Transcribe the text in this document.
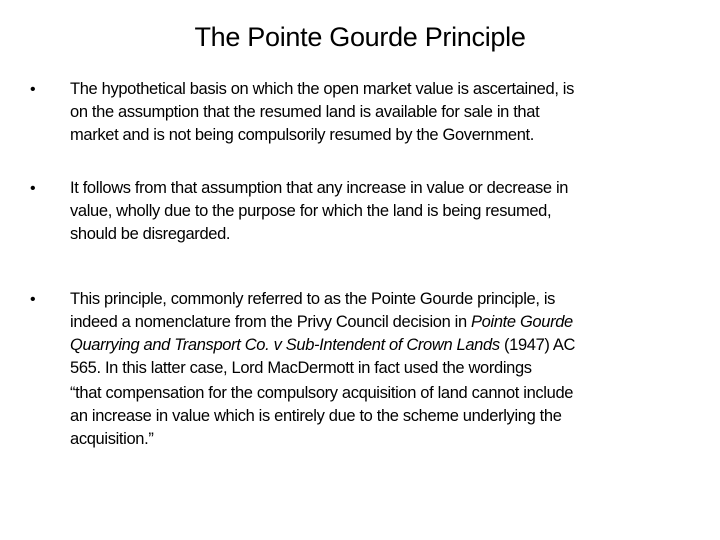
The Pointe Gourde Principle
• The hypothetical basis on which the open market value is ascertained, is
on the assumption that the resumed land is available for sale in that
market and is not being compulsorily resumed by the Government.
• It follows from that assumption that any increase in value or decrease in
value, wholly due to the purpose for which the land is being resumed,
should be disregarded.
• This principle, commonly referred to as the Pointe Gourde principle, is
indeed a nomenclature from the Privy Council decision in Pointe Gourde
Quarrying and Transport Co. v Sub-Intendent of Crown Lands (1947) AC
565. In this latter case, Lord MacDermott in fact used the wordings
“that compensation for the compulsory acquisition of land cannot include
an increase in value which is entirely due to the scheme underlying the
acquisition.”
